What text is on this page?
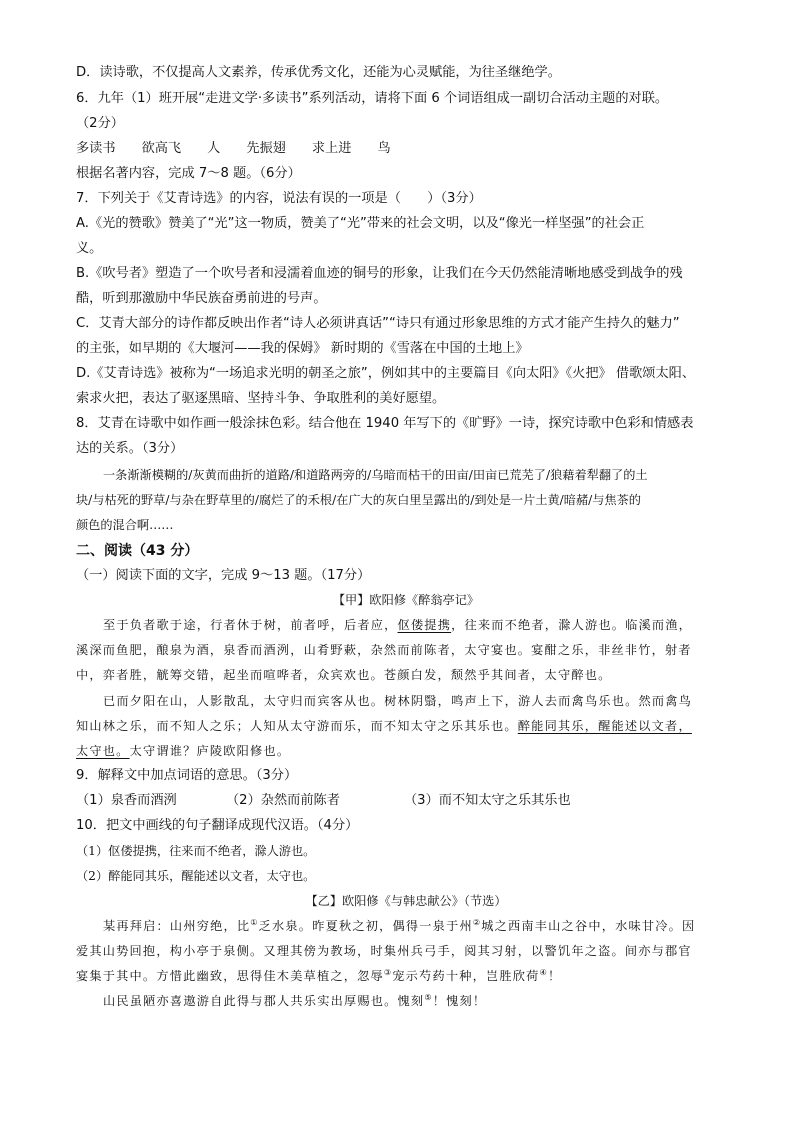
D．读诗歌，不仅提高人文素养，传承优秀文化，还能为心灵赋能，为往圣继绝学。
6．九年（1）班开展“走进文学·多读书”系列活动，请将下面 6 个词语组成一副切合活动主题的对联。
（2分）
多读书 欲高飞 人 先振翅 求上进 鸟
根据名著内容，完成 7～8 题。（6分）
7．下列关于《艾青诗选》的内容，说法有误的一项是（　　）（3分）
A.《光的赞歌》赞美了“光”这一物质，赞美了“光”带来的社会文明，以及“像光一样坚强”的社会正
义。
B.《吹号者》塑造了一个吹号者和浸濡着血迹的铜号的形象，让我们在今天仍然能清晰地感受到战争的残
酷，听到那激励中华民族奋勇前进的号声。
C．艾青大部分的诗作都反映出作者“诗人必须讲真话”“诗只有通过形象思维的方式才能产生持久的魅力”
的主张，如早期的《大堰河——我的保姆》 新时期的《雪落在中国的土地上》
D.《艾青诗选》被称为“一场追求光明的朝圣之旅”，例如其中的主要篇目《向太阳》《火把》 借歌颂太阳、
索求火把，表达了驱逐黑暗、坚持斗争、争取胜利的美好愿望。
8．艾青在诗歌中如作画一般涂抹色彩。结合他在 1940 年写下的《旷野》一诗，探究诗歌中色彩和情感表
达的关系。（3分）
一条渐渐模糊的/灰黄而曲折的道路/和道路两旁的/乌暗而枯干的田亩/田亩已荒芜了/狼藉着犁翻了的土
块/与枯死的野草/与杂在野草里的/腐烂了的禾根/在广大的灰白里呈露出的/到处是一片土黄/暗赭/与焦茶的
颜色的混合啊……
二、阅读（43 分）
（一）阅读下面的文字，完成 9～13 题。（17分）
【甲】欧阳修《醉翁亭记》
至于负者歌于途，行者休于树，前者呼，后者应，伛偻提携，往来而不绝者，滁人游也。临溪而渔，
溪深而鱼肥，酿泉为酒，泉香而酒洌，山肴野蔌，杂然而前陈者，太守宴也。宴酣之乐，非丝非竹，射者
中，弈者胜，觥筹交错，起坐而喧哗者，众宾欢也。苍颜白发，颓然乎其间者，太守醉也。
已而夕阳在山，人影散乱，太守归而宾客从也。树林阴翳，鸣声上下，游人去而禽鸟乐也。然而禽鸟
知山林之乐，而不知人之乐；人知从太守游而乐，而不知太守之乐其乐也。醉能同其乐，醒能述以文者，
太守也。太守谓谁？庐陵欧阳修也。
9．解释文中加点词语的意思。（3分）
（1）泉香而酒洌	（2）杂然而前陈者	（3）而不知太守之乐其乐也
10．把文中画线的句子翻译成现代汉语。（4分）
（1）伛偻提携，往来而不绝者，滁人游也。
（2）醉能同其乐，醒能述以文者，太守也。
【乙】欧阳修《与韩忠献公》（节选）
某再拜启：山州穷绝，比①乏水泉。昨夏秋之初，偶得一泉于州②城之西南丰山之谷中，水味甘冷。因
爱其山势回抱，构小亭于泉侧。又理其傍为教场，时集州兵弓手，阅其习射，以警饥年之盗。间亦与郡官
宴集于其中。方惜此幽致，思得佳木美草植之，忽辱③宠示芍药十种，岂胜欣荷④！
山民虽陋亦喜遨游自此得与郡人共乐实出厚赐也。愧刻⑤！愧刻！
